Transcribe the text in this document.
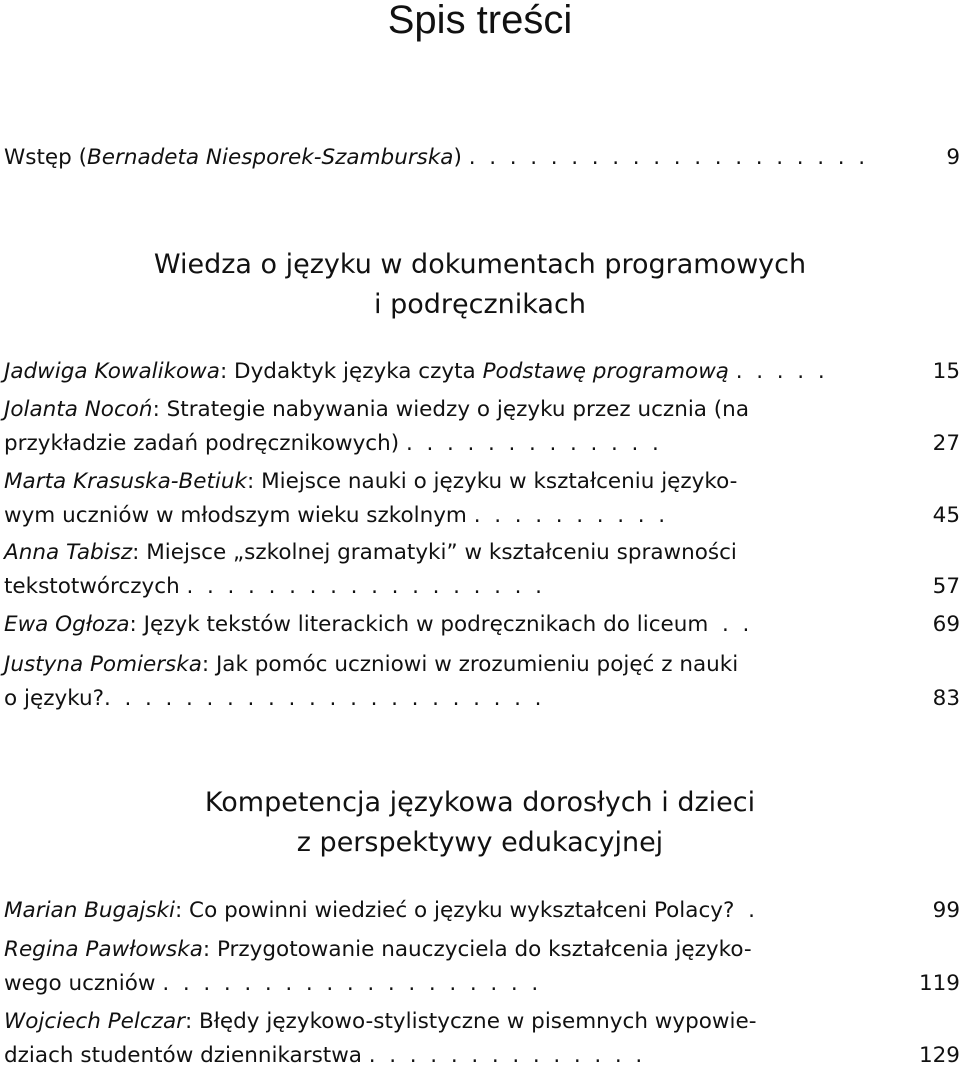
Spis treści
Wstęp (Bernadeta Niesporek-Szamburska) .  .  .  .  .  .  .  .  .  .  .  .  .  .  .  .  .  .  .  .	9
Wiedza o języku w dokumentach programowych
i podręcznikach
Jadwiga Kowalikowa: Dydaktyk języka czyta Podstawę programową .  .  .  .  .	15
Jolanta Nocoń: Strategie nabywania wiedzy o języku przez ucznia (na
przykładzie zadań podręcznikowych) .  .  .  .  .  .  .  .  .  .  .  .  .	27
Marta Krasuska-Betiuk: Miejsce nauki o języku w kształceniu języko-
wym uczniów w młodszym wieku szkolnym .  .  .  .  .  .  .  .  .  .	45
Anna Tabisz: Miejsce „szkolnej gramatyki” w kształceniu sprawności
tekstotwórczych .  .  .  .  .  .  .  .  .  .  .  .  .  .  .  .  .  .	57
Ewa Ogłoza: Język tekstów literackich w podręcznikach do liceum .  .	69
Justyna Pomierska: Jak pomóc uczniowi w zrozumieniu pojęć z nauki
o języku? .  .  .  .  .  .  .  .  .  .  .  .  .  .  .  .  .  .  .  .  .  .	83
Kompetencja językowa dorosłych i dzieci
z perspektywy edukacyjnej
Marian Bugajski: Co powinni wiedzieć o języku wykształceni Polacy? .	99
Regina Pawłowska: Przygotowanie nauczyciela do kształcenia języko-
wego uczniów .  .  .  .  .  .  .  .  .  .  .  .  .  .  .  .  .  .  .	119
Wojciech Pelczar: Błędy językowo-stylistyczne w pisemnych wypowie-
dziach studentów dziennikarstwa .  .  .  .  .  .  .  .  .  .  .  .  .  .	129
